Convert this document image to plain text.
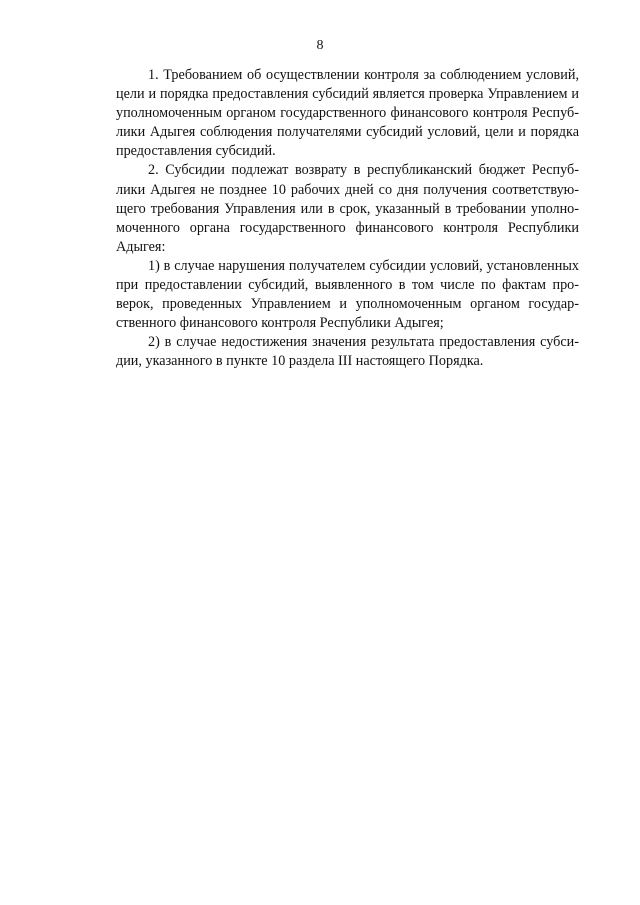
8

1. Требованием об осуществлении контроля за соблюдением условий, цели и порядка предоставления субсидий является проверка Управлением и уполномоченным органом государственного финансового контроля Республики Адыгея соблюдения получателями субсидий условий, цели и порядка предоставления субсидий.

2. Субсидии подлежат возврату в республиканский бюджет Республики Адыгея не позднее 10 рабочих дней со дня получения соответствующего требования Управления или в срок, указанный в требовании уполномоченного органа государственного финансового контроля Республики Адыгея:

1) в случае нарушения получателем субсидии условий, установленных при предоставлении субсидий, выявленного в том числе по фактам проверок, проведенных Управлением и уполномоченным органом государственного финансового контроля Республики Адыгея;

2) в случае недостижения значения результата предоставления субсидии, указанного в пункте 10 раздела III настоящего Порядка.
